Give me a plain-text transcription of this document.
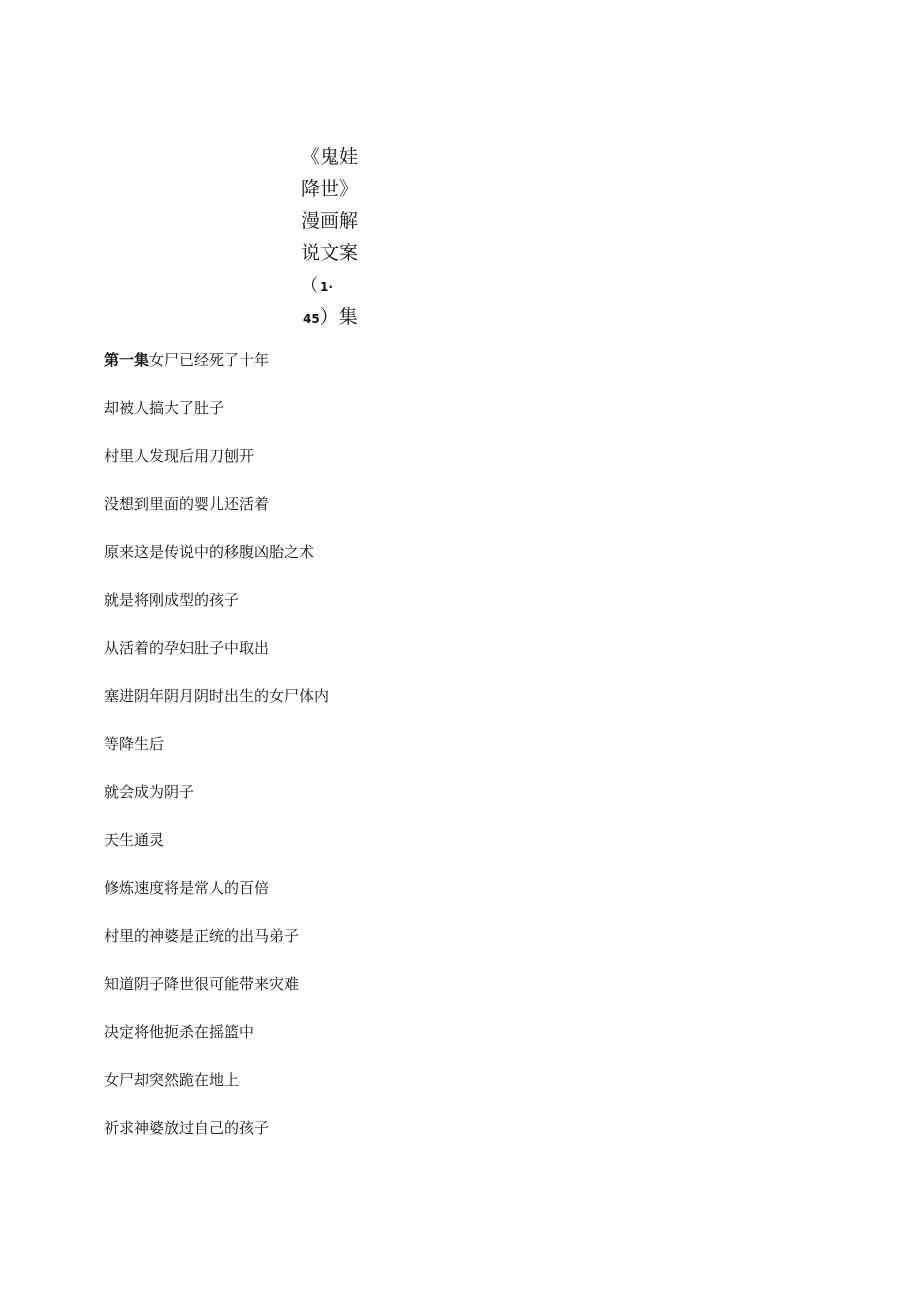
《鬼娃
降世》
漫画解
说文案
（ 1·
45）集
第一集女尸已经死了十年
却被人搞大了肚子
村里人发现后用刀刨开
没想到里面的婴儿还活着
原来这是传说中的移腹凶胎之术
就是将刚成型的孩子
从活着的孕妇肚子中取出
塞进阴年阴月阴时出生的女尸体内
等降生后
就会成为阴子
天生通灵
修炼速度将是常人的百倍
村里的神婆是正统的出马弟子
知道阴子降世很可能带来灾难
决定将他扼杀在摇篮中
女尸却突然跪在地上
祈求神婆放过自己的孩子
